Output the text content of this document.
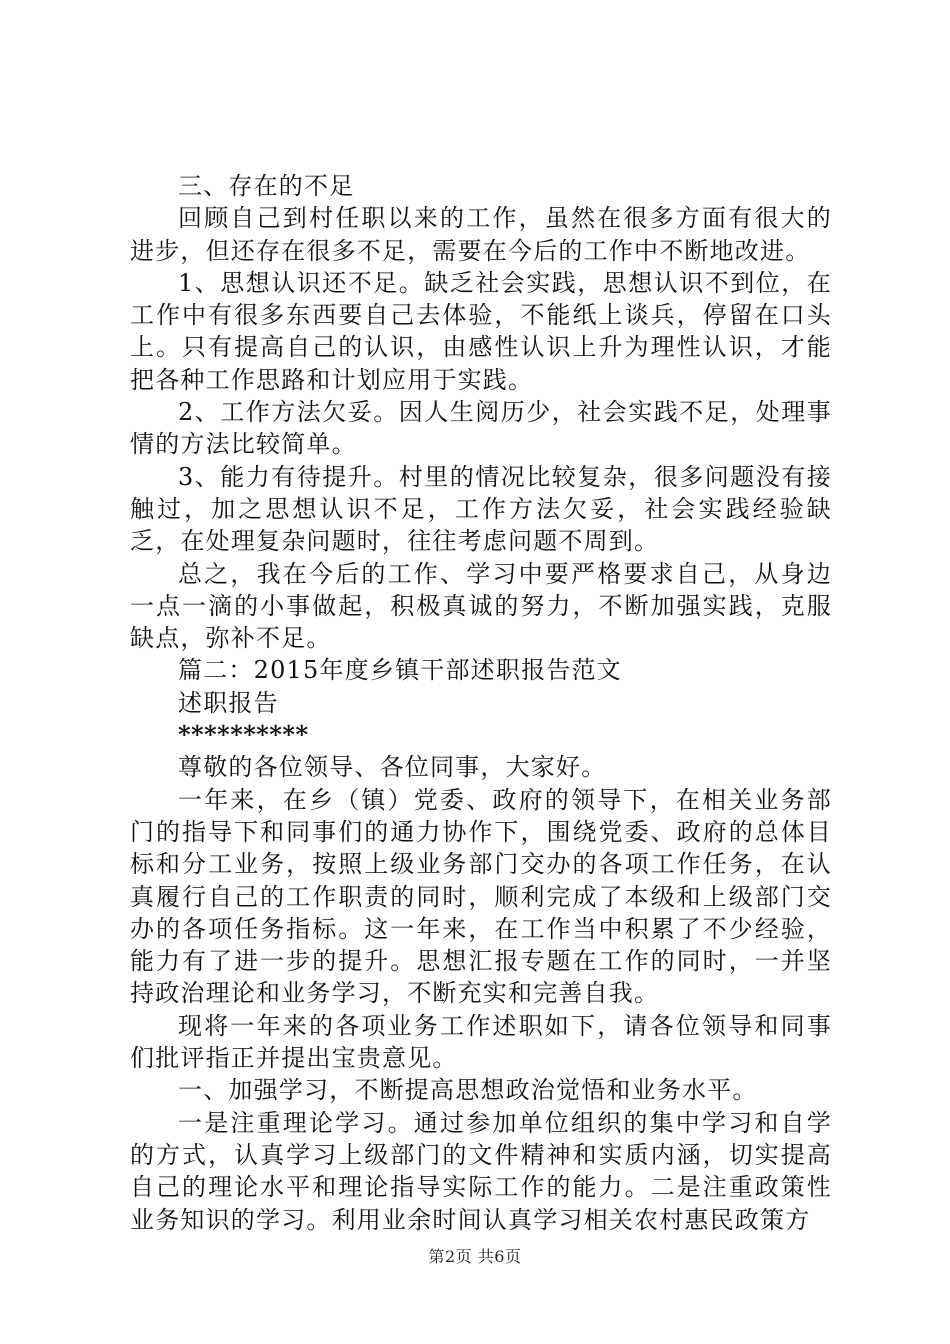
三、存在的不足

回顾自己到村任职以来的工作，虽然在很多方面有很大的进步，但还存在很多不足，需要在今后的工作中不断地改进。

1、思想认识还不足。缺乏社会实践，思想认识不到位，在工作中有很多东西要自己去体验，不能纸上谈兵，停留在口头上。只有提高自己的认识，由感性认识上升为理性认识，才能把各种工作思路和计划应用于实践。

2、工作方法欠妥。因人生阅历少，社会实践不足，处理事情的方法比较简单。

3、能力有待提升。村里的情况比较复杂，很多问题没有接触过，加之思想认识不足，工作方法欠妥，社会实践经验缺乏，在处理复杂问题时，往往考虑问题不周到。

总之，我在今后的工作、学习中要严格要求自己，从身边一点一滴的小事做起，积极真诚的努力，不断加强实践，克服缺点，弥补不足。

篇二：2015年度乡镇干部述职报告范文

述职报告

**********

尊敬的各位领导、各位同事，大家好。

一年来，在乡（镇）党委、政府的领导下，在相关业务部门的指导下和同事们的通力协作下，围绕党委、政府的总体目标和分工业务，按照上级业务部门交办的各项工作任务，在认真履行自己的工作职责的同时，顺利完成了本级和上级部门交办的各项任务指标。这一年来，在工作当中积累了不少经验，能力有了进一步的提升。思想汇报专题在工作的同时，一并坚持政治理论和业务学习，不断充实和完善自我。

现将一年来的各项业务工作述职如下，请各位领导和同事们批评指正并提出宝贵意见。

一、加强学习，不断提高思想政治觉悟和业务水平。

一是注重理论学习。通过参加单位组织的集中学习和自学的方式，认真学习上级部门的文件精神和实质内涵，切实提高自己的理论水平和理论指导实际工作的能力。二是注重政策性业务知识的学习。利用业余时间认真学习相关农村惠民政策方

第2页 共6页
